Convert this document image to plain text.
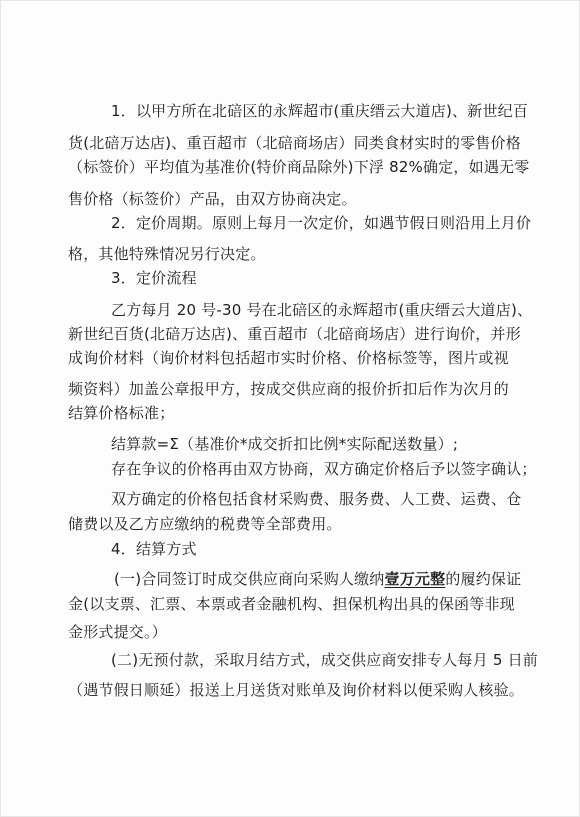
1．以甲方所在北碚区的永辉超市(重庆缙云大道店)、新世纪百
货(北碚万达店)、重百超市（北碚商场店）同类食材实时的零售价格
（标签价）平均值为基准价(特价商品除外)下浮 82%确定，如遇无零
售价格（标签价）产品，由双方协商决定。
2．定价周期。原则上每月一次定价，如遇节假日则沿用上月价
格，其他特殊情况另行决定。
3．定价流程
乙方每月 20 号-30 号在北碚区的永辉超市(重庆缙云大道店)、
新世纪百货(北碚万达店)、重百超市（北碚商场店）进行询价，并形
成询价材料（询价材料包括超市实时价格、价格标签等，图片或视
频资料）加盖公章报甲方，按成交供应商的报价折扣后作为次月的
结算价格标准；
结算款=Σ（基准价*成交折扣比例*实际配送数量）;
存在争议的价格再由双方协商，双方确定价格后予以签字确认；
双方确定的价格包括食材采购费、服务费、人工费、运费、仓
储费以及乙方应缴纳的税费等全部费用。
4．结算方式
(一)合同签订时成交供应商向采购人缴纳壹万元整的履约保证
金(以支票、汇票、本票或者金融机构、担保机构出具的保函等非现
金形式提交。）
(二)无预付款，采取月结方式，成交供应商安排专人每月 5 日前
（遇节假日顺延）报送上月送货对账单及询价材料以便采购人核验。
